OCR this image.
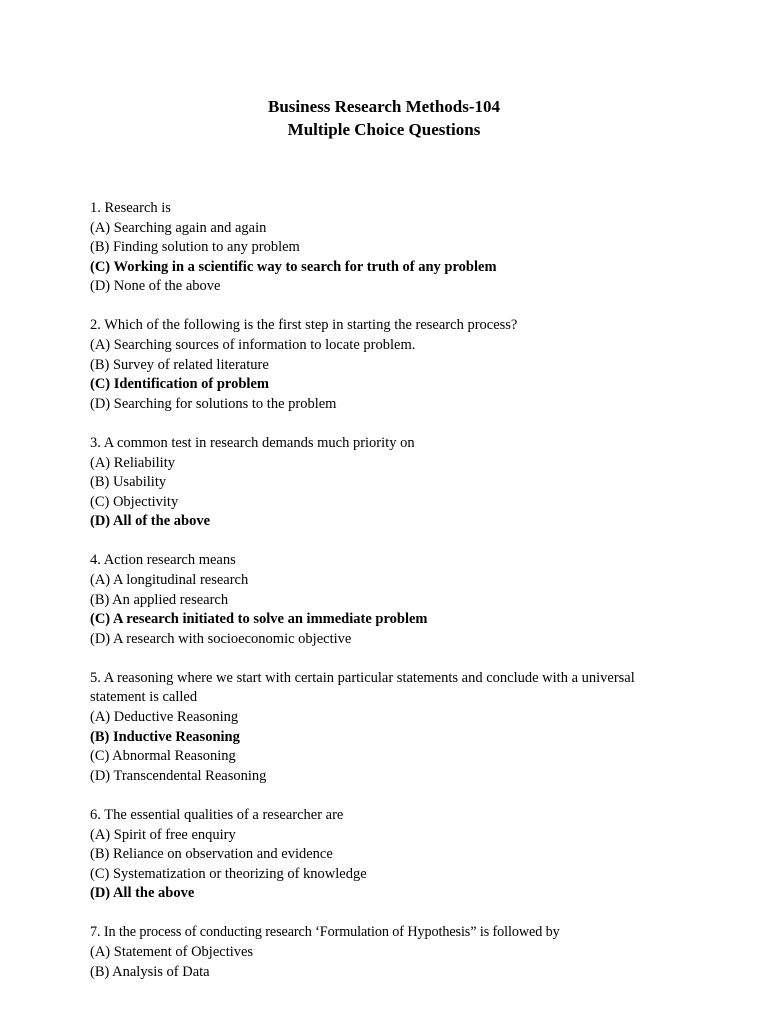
Business Research Methods-104
Multiple Choice Questions

1. Research is

(A) Searching again and again

(B) Finding solution to any problem

(C) Working in a scientific way to search for truth of any problem

(D) None of the above

2. Which of the following is the first step in starting the research process?

(A) Searching sources of information to locate problem.

(B) Survey of related literature

(C) Identification of problem

(D) Searching for solutions to the problem

3. A common test in research demands much priority on

(A) Reliability

(B) Usability

(C) Objectivity

(D) All of the above

4. Action research means

(A) A longitudinal research

(B) An applied research

(C) A research initiated to solve an immediate problem

(D) A research with socioeconomic objective

5. A reasoning where we start with certain particular statements and conclude with a universal statement is called

(A) Deductive Reasoning

(B) Inductive Reasoning

(C) Abnormal Reasoning

(D) Transcendental Reasoning

6. The essential qualities of a researcher are

(A) Spirit of free enquiry

(B) Reliance on observation and evidence

(C) Systematization or theorizing of knowledge

(D) All the above

7. In the process of conducting research ‘Formulation of Hypothesis” is followed by

(A) Statement of Objectives

(B) Analysis of Data
